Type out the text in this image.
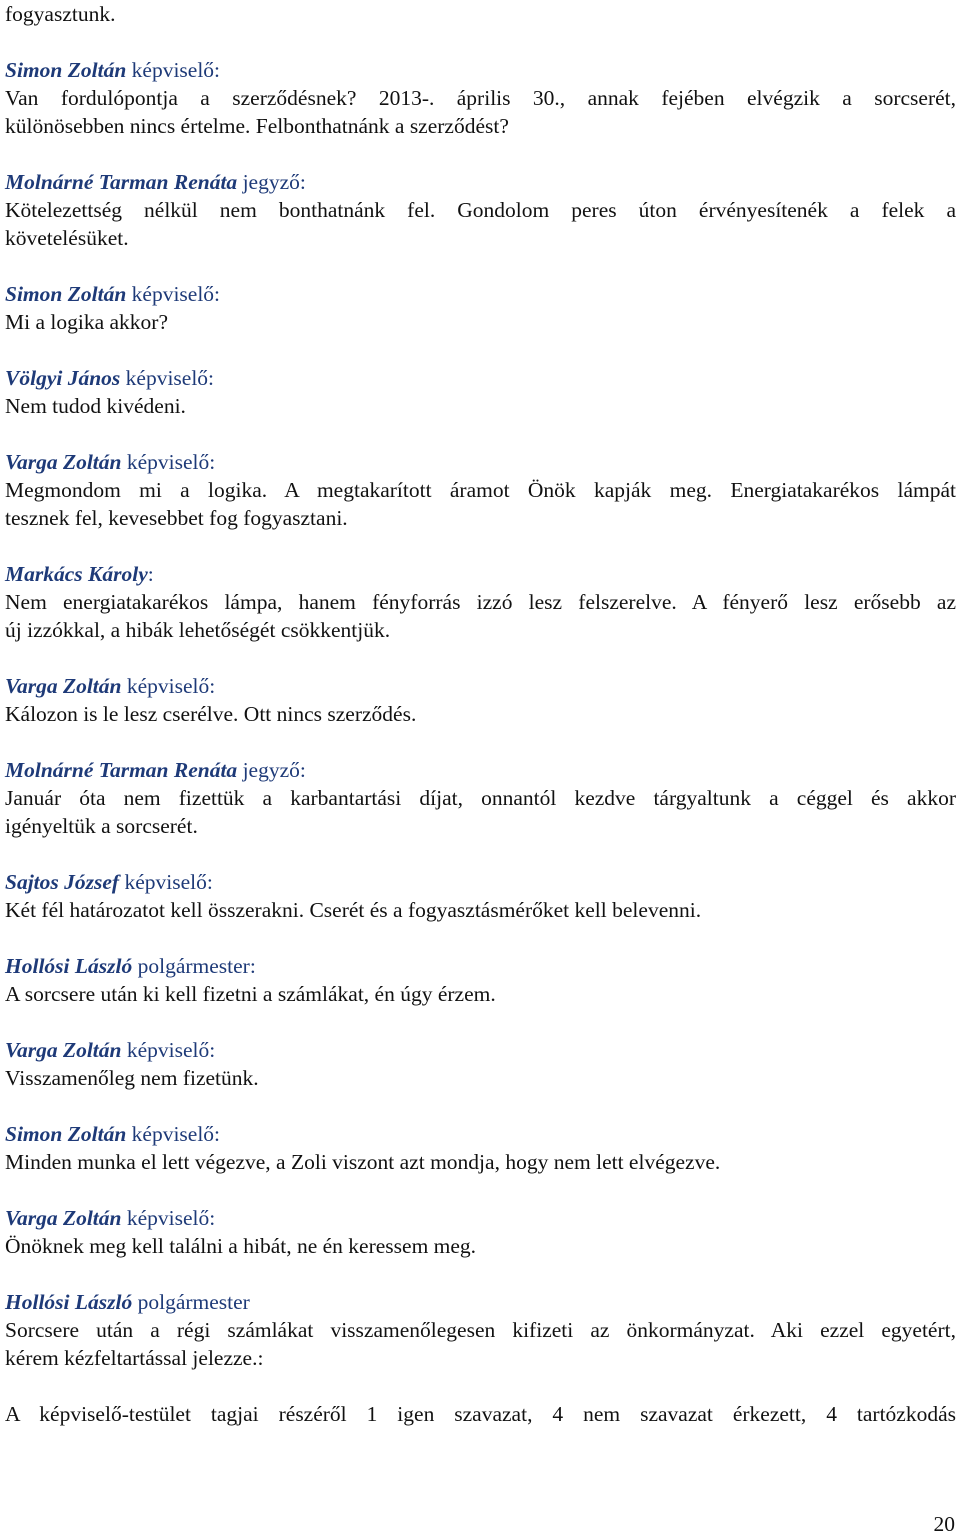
fogyasztunk.
Simon Zoltán képviselő:
Van fordulópontja a szerződésnek? 2013-. április 30., annak fejében elvégzik a sorcserét,
különösebben nincs értelme. Felbonthatnánk a szerződést?
Molnárné Tarman Renáta jegyző:
Kötelezettség nélkül nem bonthatnánk fel. Gondolom peres úton érvényesítenék a felek a
követelésüket.
Simon Zoltán képviselő:
Mi a logika akkor?
Völgyi János képviselő:
Nem tudod kivédeni.
Varga Zoltán képviselő:
Megmondom mi a logika. A megtakarított áramot Önök kapják meg. Energiatakarékos lámpát
tesznek fel, kevesebbet fog fogyasztani.
Markács Károly:
Nem energiatakarékos lámpa, hanem fényforrás izzó lesz felszerelve. A fényerő lesz erősebb az
új izzókkal, a hibák lehetőségét csökkentjük.
Varga Zoltán képviselő:
Kálozon is le lesz cserélve. Ott nincs szerződés.
Molnárné Tarman Renáta jegyző:
Január óta nem fizettük a karbantartási díjat, onnantól kezdve tárgyaltunk a céggel és akkor
igényeltük a sorcserét.
Sajtos József képviselő:
Két fél határozatot kell összerakni. Cserét és a fogyasztásmérőket kell belevenni.
Hollósi László polgármester:
A sorcsere után ki kell fizetni a számlákat, én úgy érzem.
Varga Zoltán képviselő:
Visszamenőleg nem fizetünk.
Simon Zoltán képviselő:
Minden munka el lett végezve, a Zoli viszont azt mondja, hogy nem lett elvégezve.
Varga Zoltán képviselő:
Önöknek meg kell találni a hibát, ne én keressem meg.
Hollósi László polgármester
Sorcsere után a régi számlákat visszamenőlegesen kifizeti az önkormányzat. Aki ezzel egyetért,
kérem kézfeltartással jelezze.:
A képviselő-testület tagjai részéről 1 igen szavazat, 4 nem szavazat érkezett, 4 tartózkodás
20
